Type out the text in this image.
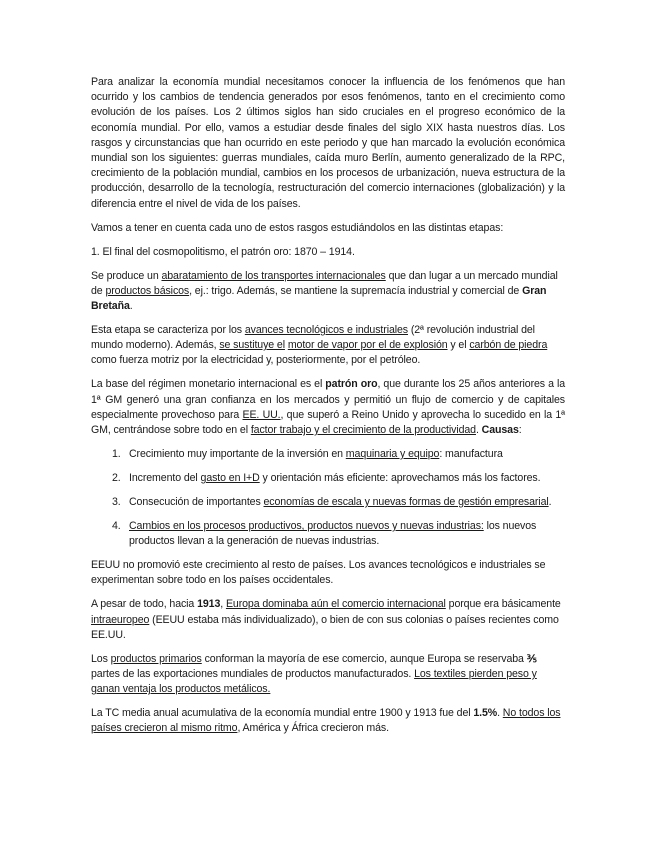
Para analizar la economía mundial necesitamos conocer la influencia de los fenómenos que han ocurrido y los cambios de tendencia generados por esos fenómenos, tanto en el crecimiento como evolución de los países. Los 2 últimos siglos han sido cruciales en el progreso económico de la economía mundial. Por ello, vamos a estudiar desde finales del siglo XIX hasta nuestros días. Los rasgos y circunstancias que han ocurrido en este periodo y que han marcado la evolución económica mundial son los siguientes: guerras mundiales, caída muro Berlín, aumento generalizado de la RPC, crecimiento de la población mundial, cambios en los procesos de urbanización, nueva estructura de la producción, desarrollo de la tecnología, restructuración del comercio internaciones (globalización) y la diferencia entre el nivel de vida de los países.

Vamos a tener en cuenta cada uno de estos rasgos estudiándolos en las distintas etapas:

1. El final del cosmopolitismo, el patrón oro: 1870 – 1914.

Se produce un abaratamiento de los transportes internacionales que dan lugar a un mercado mundial de productos básicos, ej.: trigo. Además, se mantiene la supremacía industrial y comercial de Gran Bretaña.

Esta etapa se caracteriza por los avances tecnológicos e industriales (2ª revolución industrial del mundo moderno). Además, se sustituye el motor de vapor por el de explosión y el carbón de piedra como fuerza motriz por la electricidad y, posteriormente, por el petróleo.

La base del régimen monetario internacional es el patrón oro, que durante los 25 años anteriores a la 1ª GM generó una gran confianza en los mercados y permitió un flujo de comercio y de capitales especialmente provechoso para EE. UU., que superó a Reino Unido y aprovecha lo sucedido en la 1ª GM, centrándose sobre todo en el factor trabajo y el crecimiento de la productividad. Causas:

1. Crecimiento muy importante de la inversión en maquinaria y equipo: manufactura
2. Incremento del gasto en I+D y orientación más eficiente: aprovechamos más los factores.
3. Consecución de importantes economías de escala y nuevas formas de gestión empresarial.
4. Cambios en los procesos productivos, productos nuevos y nuevas industrias: los nuevos productos llevan a la generación de nuevas industrias.

EEUU no promovió este crecimiento al resto de países. Los avances tecnológicos e industriales se experimentan sobre todo en los países occidentales.

A pesar de todo, hacia 1913, Europa dominaba aún el comercio internacional porque era básicamente intraeuropeo (EEUU estaba más individualizado), o bien de con sus colonias o países recientes como EE.UU.

Los productos primarios conforman la mayoría de ese comercio, aunque Europa se reservaba ⅗ partes de las exportaciones mundiales de productos manufacturados. Los textiles pierden peso y ganan ventaja los productos metálicos.

La TC media anual acumulativa de la economía mundial entre 1900 y 1913 fue del 1.5%. No todos los países crecieron al mismo ritmo, América y África crecieron más.
